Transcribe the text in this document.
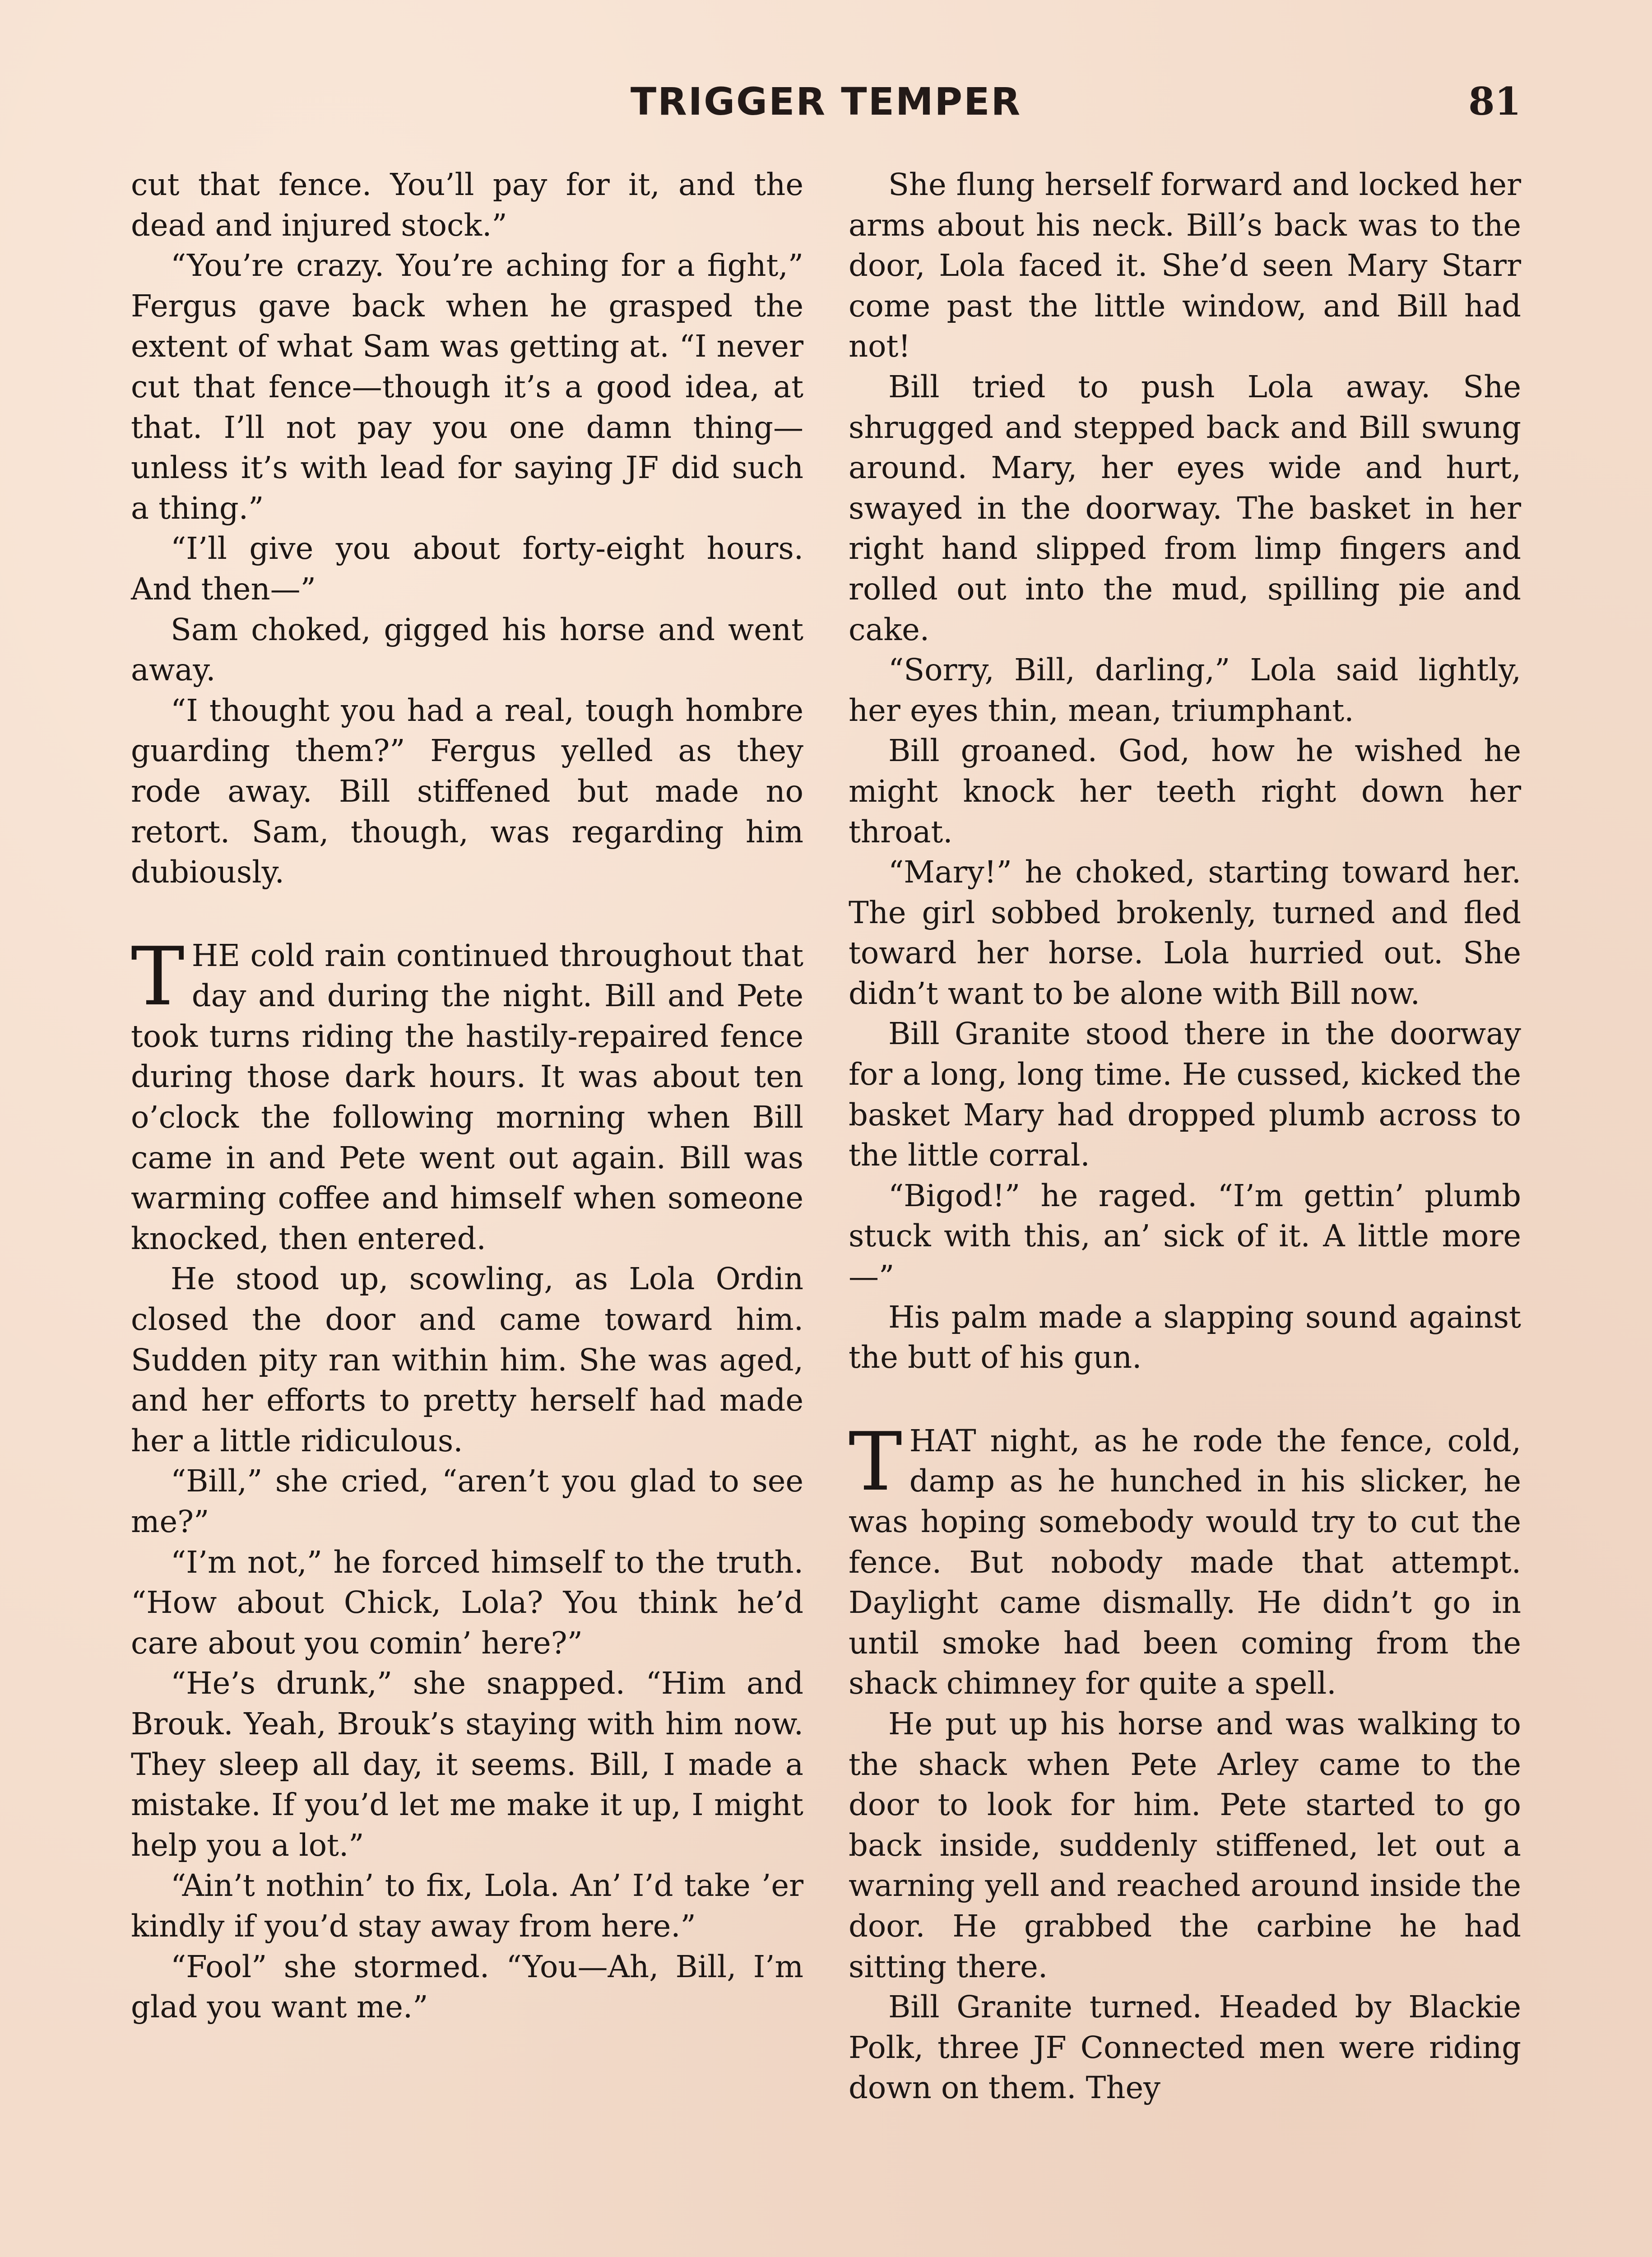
TRIGGER TEMPER	81

cut that fence. You’ll pay for it, and the dead and injured stock.”

“You’re crazy. You’re aching for a fight,” Fergus gave back when he grasped the extent of what Sam was getting at. “I never cut that fence—though it’s a good idea, at that. I’ll not pay you one damn thing—unless it’s with lead for saying JF did such a thing.”

“I’ll give you about forty-eight hours. And then—”

Sam choked, gigged his horse and went away.

“I thought you had a real, tough hombre guarding them?” Fergus yelled as they rode away. Bill stiffened but made no retort. Sam, though, was regarding him dubiously.

THE cold rain continued throughout that day and during the night. Bill and Pete took turns riding the hastily-repaired fence during those dark hours. It was about ten o’clock the following morning when Bill came in and Pete went out again. Bill was warming coffee and himself when someone knocked, then entered.

He stood up, scowling, as Lola Ordin closed the door and came toward him. Sudden pity ran within him. She was aged, and her efforts to pretty herself had made her a little ridiculous.

“Bill,” she cried, “aren’t you glad to see me?”

“I’m not,” he forced himself to the truth. “How about Chick, Lola? You think he’d care about you comin’ here?”

“He’s drunk,” she snapped. “Him and Brouk. Yeah, Brouk’s staying with him now. They sleep all day, it seems. Bill, I made a mistake. If you’d let me make it up, I might help you a lot.”

“Ain’t nothin’ to fix, Lola. An’ I’d take ’er kindly if you’d stay away from here.”

“Fool” she stormed. “You—Ah, Bill, I’m glad you want me.”

She flung herself forward and locked her arms about his neck. Bill’s back was to the door, Lola faced it. She’d seen Mary Starr come past the little window, and Bill had not!

Bill tried to push Lola away. She shrugged and stepped back and Bill swung around. Mary, her eyes wide and hurt, swayed in the doorway. The basket in her right hand slipped from limp fingers and rolled out into the mud, spilling pie and cake.

“Sorry, Bill, darling,” Lola said lightly, her eyes thin, mean, triumphant.

Bill groaned. God, how he wished he might knock her teeth right down her throat.

“Mary!” he choked, starting toward her. The girl sobbed brokenly, turned and fled toward her horse. Lola hurried out. She didn’t want to be alone with Bill now.

Bill Granite stood there in the doorway for a long, long time. He cussed, kicked the basket Mary had dropped plumb across to the little corral.

“Bigod!” he raged. “I’m gettin’ plumb stuck with this, an’ sick of it. A little more—”

His palm made a slapping sound against the butt of his gun.

THAT night, as he rode the fence, cold, damp as he hunched in his slicker, he was hoping somebody would try to cut the fence. But nobody made that attempt. Daylight came dismally. He didn’t go in until smoke had been coming from the shack chimney for quite a spell.

He put up his horse and was walking to the shack when Pete Arley came to the door to look for him. Pete started to go back inside, suddenly stiffened, let out a warning yell and reached around inside the door. He grabbed the carbine he had sitting there.

Bill Granite turned. Headed by Blackie Polk, three JF Connected men were riding down on them. They
